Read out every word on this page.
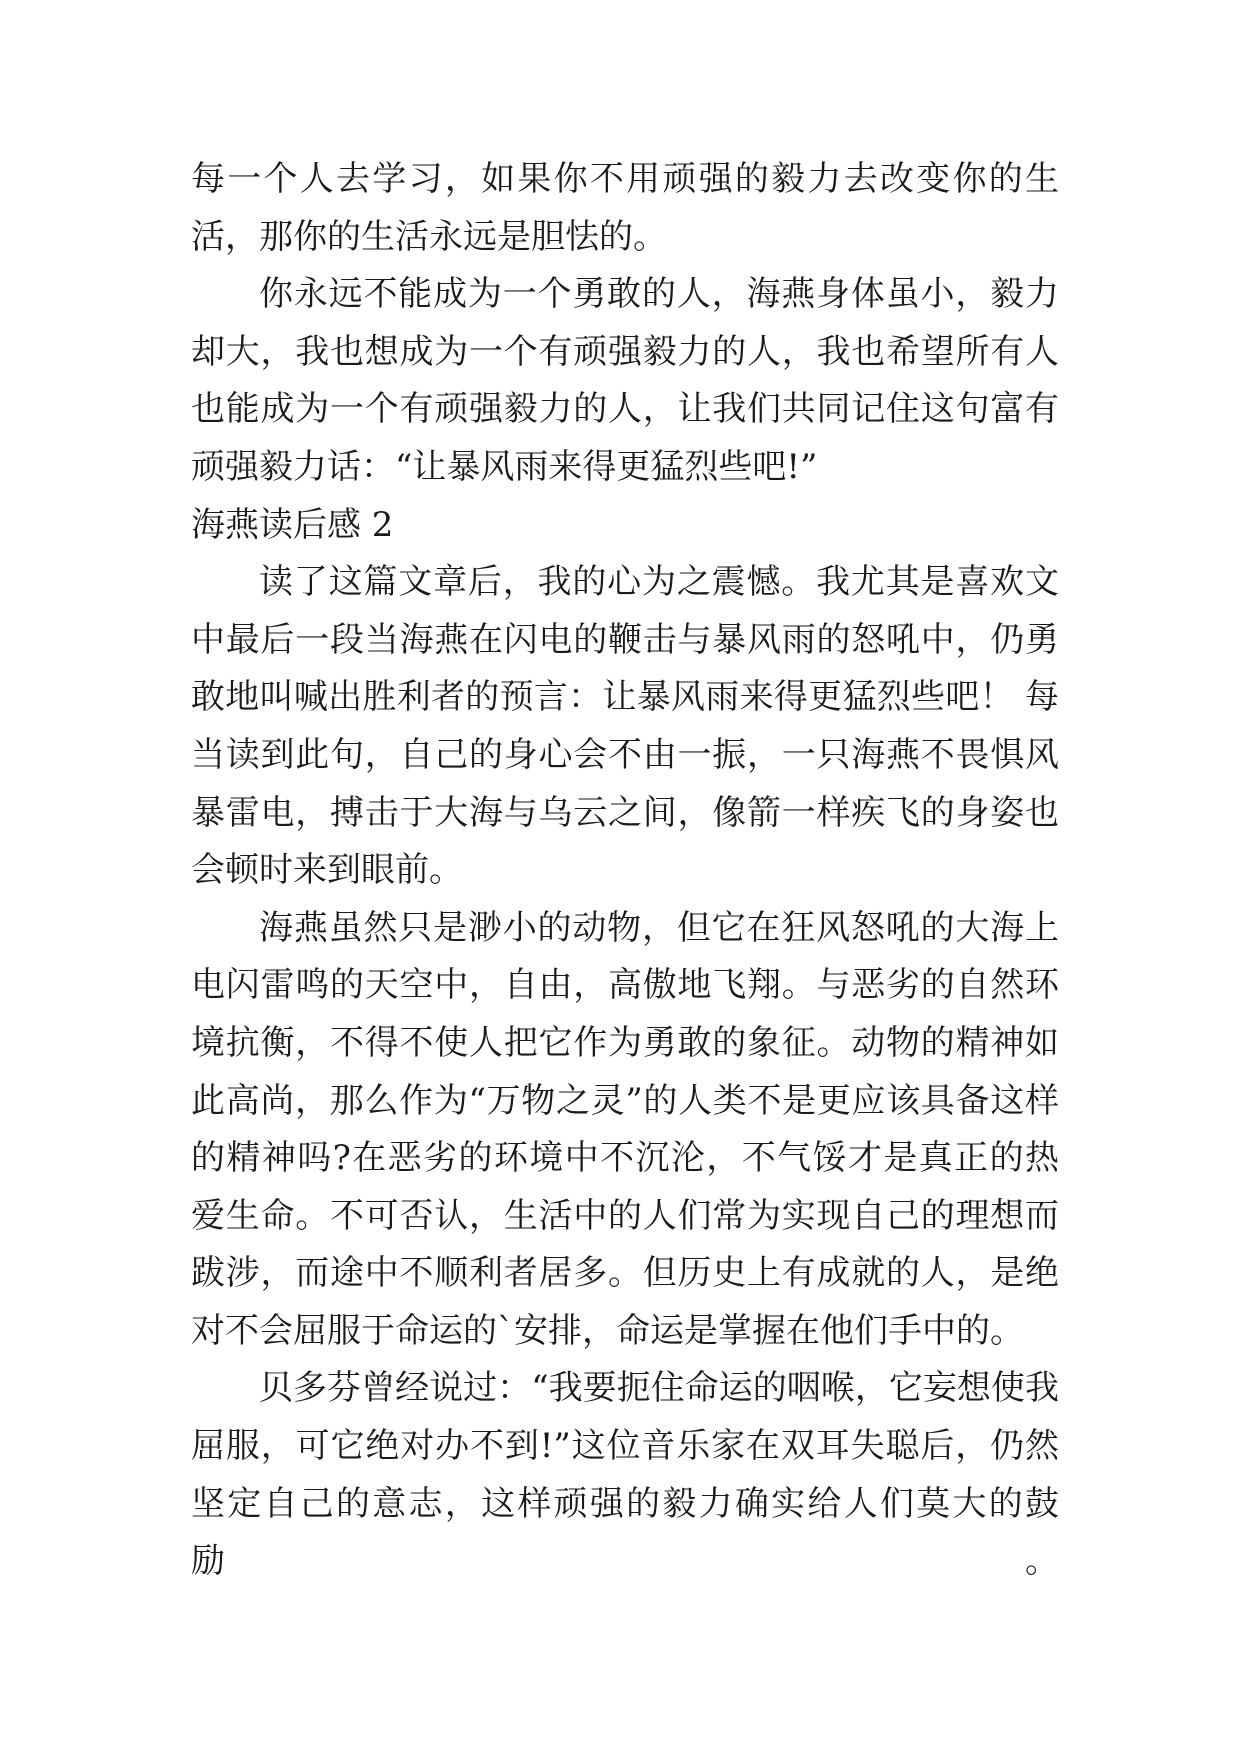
每一个人去学习，如果你不用顽强的毅力去改变你的生活，那你的生活永远是胆怯的。

你永远不能成为一个勇敢的人，海燕身体虽小，毅力却大，我也想成为一个有顽强毅力的人，我也希望所有人也能成为一个有顽强毅力的人，让我们共同记住这句富有顽强毅力话：“让暴风雨来得更猛烈些吧!”

海燕读后感 2

读了这篇文章后，我的心为之震憾。我尤其是喜欢文中最后一段当海燕在闪电的鞭击与暴风雨的怒吼中，仍勇敢地叫喊出胜利者的预言：让暴风雨来得更猛烈些吧！ 每当读到此句，自己的身心会不由一振，一只海燕不畏惧风暴雷电，搏击于大海与乌云之间，像箭一样疾飞的身姿也会顿时来到眼前。

海燕虽然只是渺小的动物，但它在狂风怒吼的大海上电闪雷鸣的天空中，自由，高傲地飞翔。与恶劣的自然环境抗衡，不得不使人把它作为勇敢的象征。动物的精神如此高尚，那么作为“万物之灵”的人类不是更应该具备这样的精神吗?在恶劣的环境中不沉沦，不气馁才是真正的热爱生命。不可否认，生活中的人们常为实现自己的理想而跋涉，而途中不顺利者居多。但历史上有成就的人，是绝对不会屈服于命运的`安排，命运是掌握在他们手中的。

贝多芬曾经说过：“我要扼住命运的咽喉，它妄想使我屈服，可它绝对办不到!”这位音乐家在双耳失聪后，仍然坚定自己的意志，这样顽强的毅力确实给人们莫大的鼓励。
